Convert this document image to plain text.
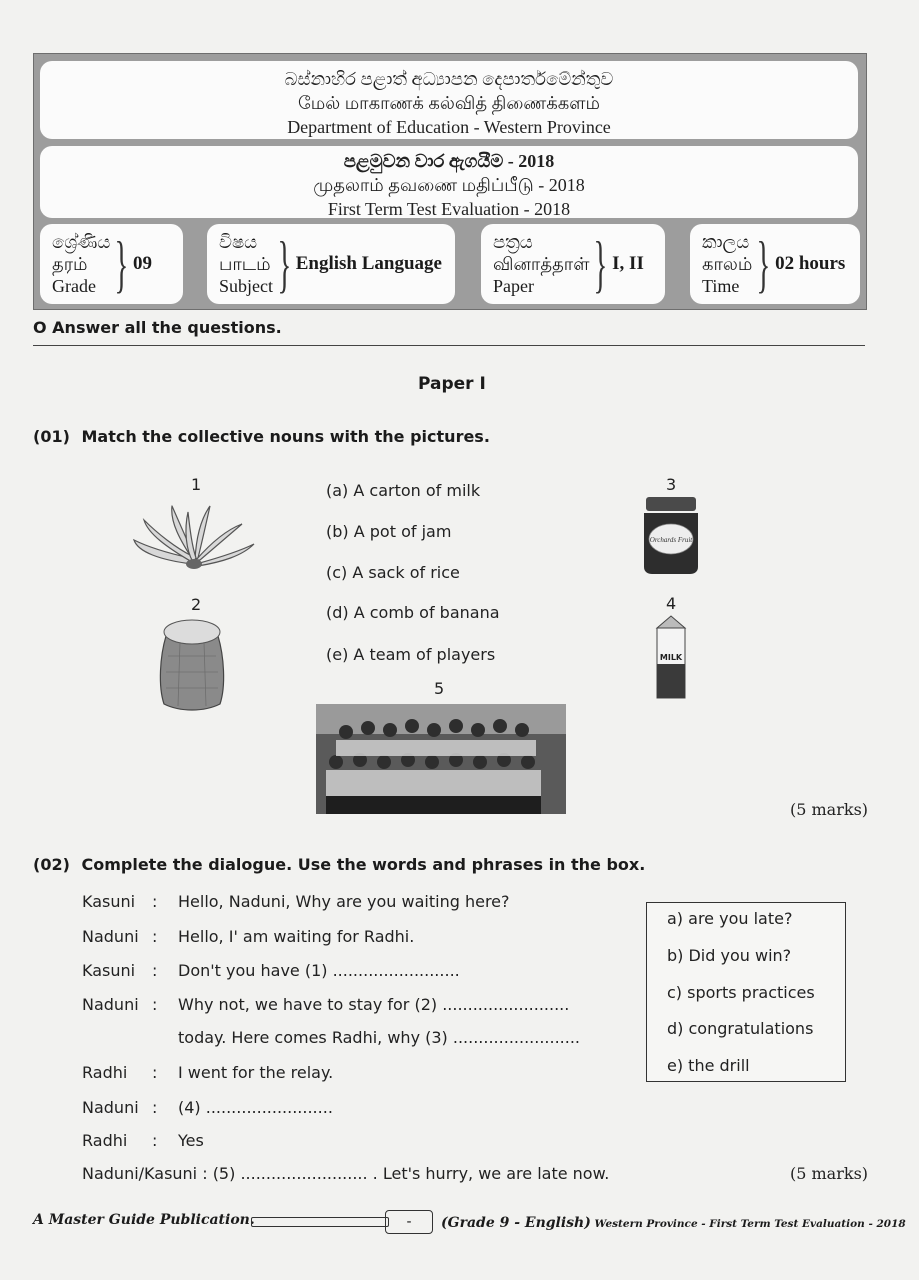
බස්නාහිර පළාත් අධ්‍යාපන දෙපාර්තමේන්තුව
மேல் மாகாணக் கல்வித் திணைக்களம்
Department of Education - Western Province
පළමුවන වාර ඇගයීම - 2018
முதலாம் தவணை மதிப்பீடு - 2018
First Term Test Evaluation - 2018
ශ්‍රේණිය
தரம்
Grade } 09
විෂය
பாடம்
Subject } English Language
පත්‍රය
வினாத்தாள்
Paper } I, II
කාලය
காலம்
Time } 02 hours
O Answer all the questions.
Paper I
(01) Match the collective nouns with the pictures.
1
2
3
4
5
(a) A carton of milk
(b) A pot of jam
(c) A sack of rice
(d) A comb of banana
(e) A team of players
Orchards Fruit
MILK
(5 marks)
(02) Complete the dialogue. Use the words and phrases in the box.
Kasuni : Hello, Naduni, Why are you waiting here?
Naduni : Hello, I' am waiting for Radhi.
Kasuni : Don't you have (1) .........................
Naduni : Why not, we have to stay for (2) .........................
today. Here comes Radhi, why (3) .........................
Radhi : I went for the relay.
Naduni : (4) .........................
Radhi : Yes
Naduni/Kasuni : (5) ......................... . Let's hurry, we are late now.
a) are you late?
b) Did you win?
c) sports practices
d) congratulations
e) the drill
(5 marks)
A Master Guide Publication.	-	(Grade 9 - English) Western Province - First Term Test Evaluation - 2018
